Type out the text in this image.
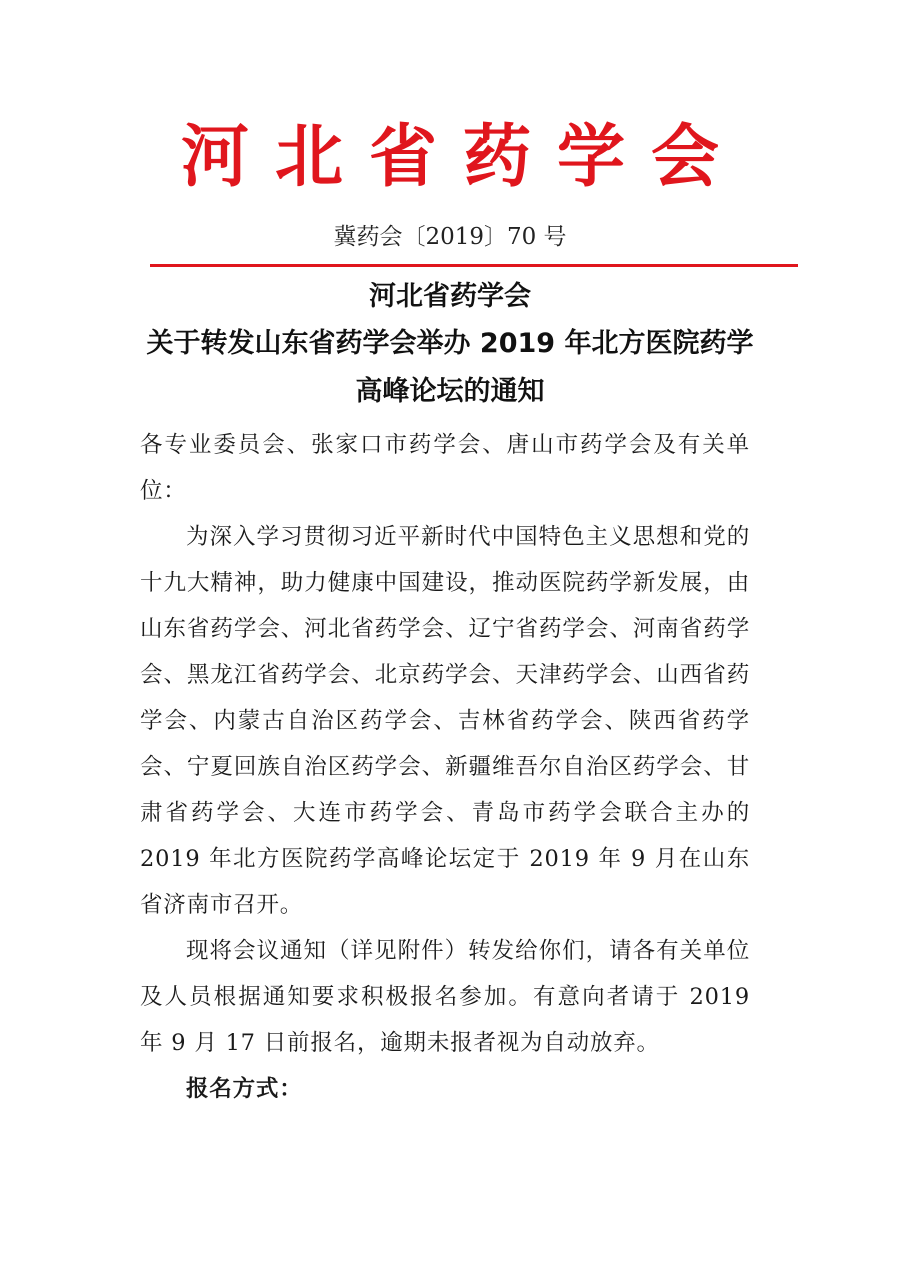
河北省药学会
冀药会〔2019〕70 号
河北省药学会
关于转发山东省药学会举办 2019 年北方医院药学
高峰论坛的通知

各专业委员会、张家口市药学会、唐山市药学会及有关单位：

为深入学习贯彻习近平新时代中国特色主义思想和党的十九大精神，助力健康中国建设，推动医院药学新发展，由山东省药学会、河北省药学会、辽宁省药学会、河南省药学会、黑龙江省药学会、北京药学会、天津药学会、山西省药学会、内蒙古自治区药学会、吉林省药学会、陕西省药学会、宁夏回族自治区药学会、新疆维吾尔自治区药学会、甘肃省药学会、大连市药学会、青岛市药学会联合主办的 2019 年北方医院药学高峰论坛定于 2019 年 9 月在山东省济南市召开。

现将会议通知（详见附件）转发给你们，请各有关单位及人员根据通知要求积极报名参加。有意向者请于 2019 年 9 月 17 日前报名，逾期未报者视为自动放弃。

报名方式：
